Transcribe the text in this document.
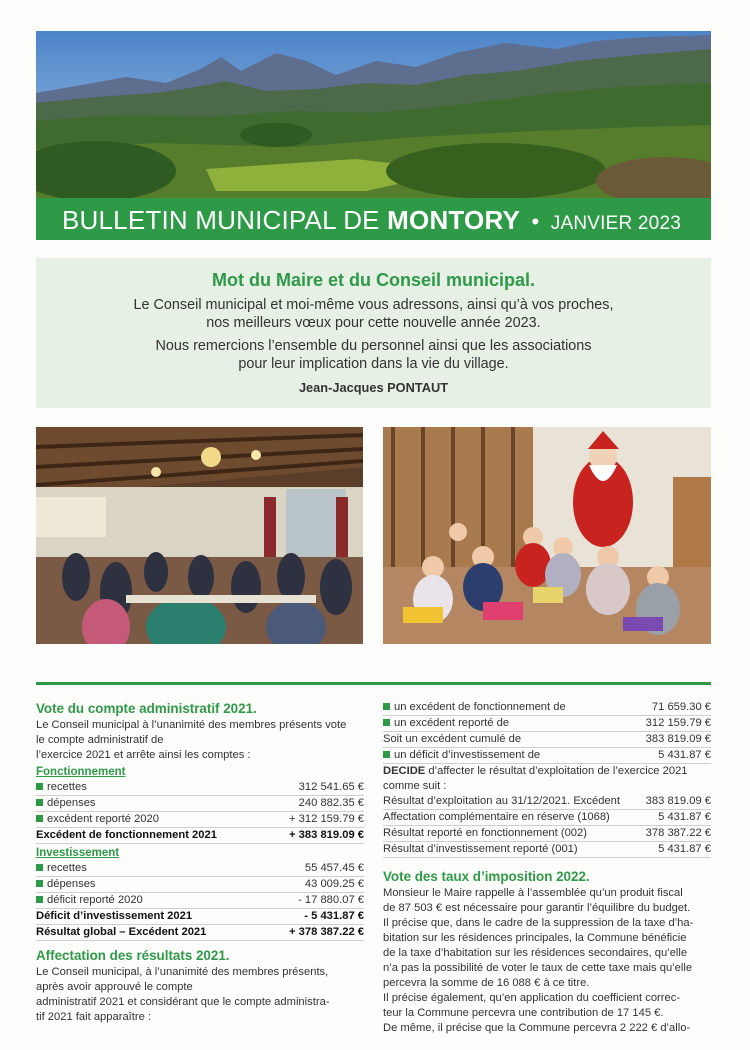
BULLETIN MUNICIPAL DE MONTORY • JANVIER 2023
Mot du Maire et du Conseil municipal.

Le Conseil municipal et moi-même vous adressons, ainsi qu’à vos proches,
nos meilleurs vœux pour cette nouvelle année 2023.

Nous remercions l’ensemble du personnel ainsi que les associations
pour leur implication dans la vie du village.

Jean-Jacques PONTAUT

Vote du compte administratif 2021.

Le Conseil municipal à l’unanimité des membres présents vote

le compte administratif de

l’exercice 2021 et arrête ainsi les comptes :

Fonctionnement
recettes	312 541.65 €
dépenses	240 882.35 €
excédent reporté 2020	+ 312 159.79 €
Excédent de fonctionnement 2021	+ 383 819.09 €
Investissement
recettes	55 457.45 €
dépenses	43 009.25 €
déficit reporté 2020	- 17 880.07 €
Déficit d’investissement 2021	- 5 431.87 €
Résultat global – Excédent 2021	+ 378 387.22 €

Affectation des résultats 2021.

Le Conseil municipal, à l’unanimité des membres présents,

après avoir approuvé le compte

administratif 2021 et considérant que le compte administra-

tif 2021 fait apparaître :

un excédent de fonctionnement de	71 659.30 €
un excédent reporté de	312 159.79 €
Soit un excédent cumulé de	383 819.09 €
un déficit d’investissement de	5 431.87 €

DECIDE d’affecter le résultat d’exploitation de l’exercice 2021

comme suit :

Résultat d’exploitation au 31/12/2021. Excédent 383 819.09 €
Affectation complémentaire en réserve (1068)	5 431.87 €
Résultat reporté en fonctionnement (002)	378 387.22 €
Résultat d’investissement reporté (001)	5 431.87 €

Vote des taux d’imposition 2022.

Monsieur le Maire rappelle à l’assemblée qu’un produit fiscal

de 87 503 € est nécessaire pour garantir l’équilibre du budget.

Il précise que, dans le cadre de la suppression de la taxe d’ha-

bitation sur les résidences principales, la Commune bénéficie

de la taxe d’habitation sur les résidences secondaires, qu’elle

n’a pas la possibilité de voter le taux de cette taxe mais qu’elle

percevra la somme de 16 088 € à ce titre.

Il précise également, qu’en application du coefficient correc-

teur la Commune percevra une contribution de 17 145 €.

De même, il précise que la Commune percevra 2 222 € d’allo-
